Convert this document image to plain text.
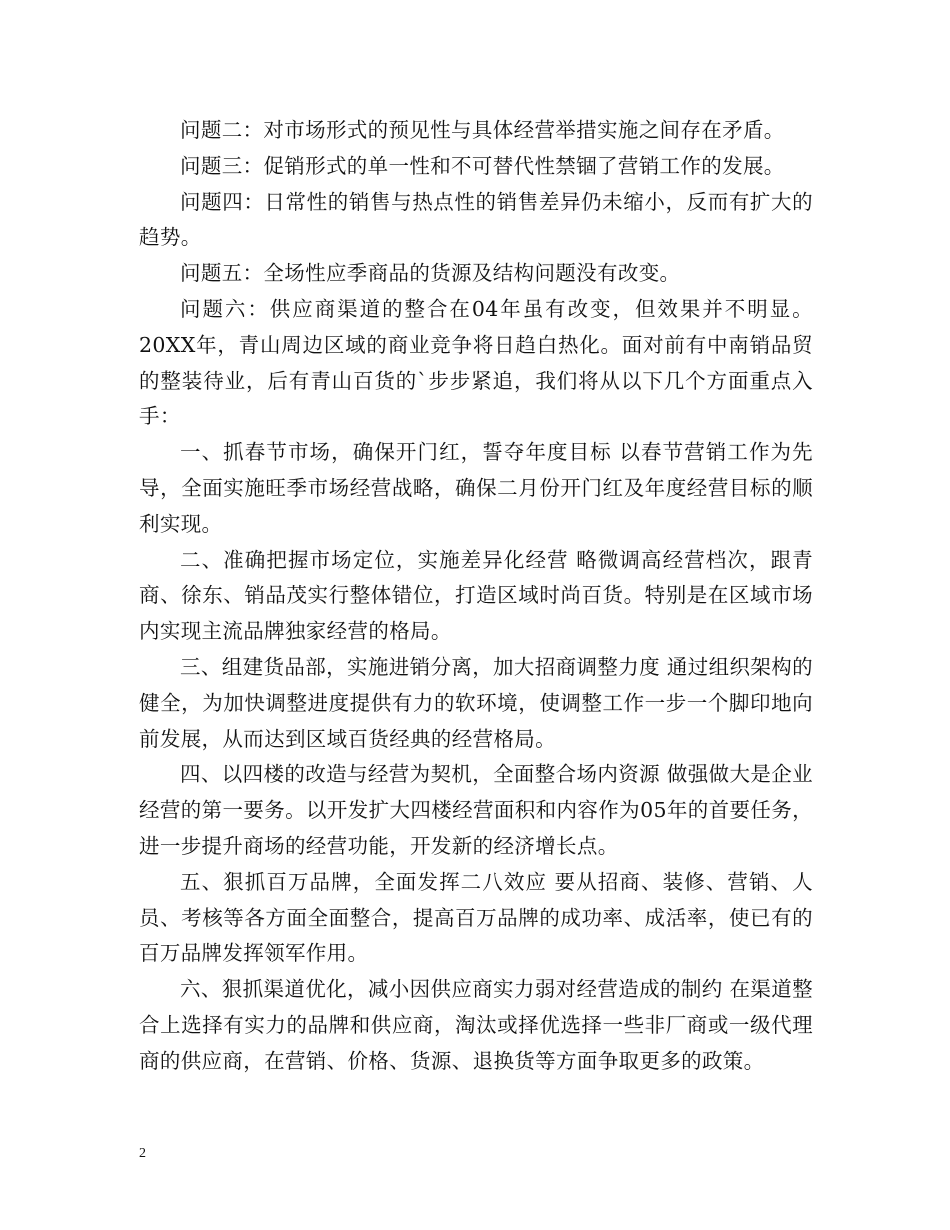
问题二：对市场形式的预见性与具体经营举措实施之间存在矛盾。

问题三：促销形式的单一性和不可替代性禁锢了营销工作的发展。

问题四：日常性的销售与热点性的销售差异仍未缩小，反而有扩大的趋势。

问题五：全场性应季商品的货源及结构问题没有改变。

问题六：供应商渠道的整合在04年虽有改变，但效果并不明显。20XX年，青山周边区域的商业竞争将日趋白热化。面对前有中南销品贸的整装待业，后有青山百货的`步步紧追，我们将从以下几个方面重点入手：

一、抓春节市场，确保开门红，誓夺年度目标 以春节营销工作为先导，全面实施旺季市场经营战略，确保二月份开门红及年度经营目标的顺利实现。

二、准确把握市场定位，实施差异化经营 略微调高经营档次，跟青商、徐东、销品茂实行整体错位，打造区域时尚百货。特别是在区域市场内实现主流品牌独家经营的格局。

三、组建货品部，实施进销分离，加大招商调整力度 通过组织架构的健全，为加快调整进度提供有力的软环境，使调整工作一步一个脚印地向前发展，从而达到区域百货经典的经营格局。

四、以四楼的改造与经营为契机，全面整合场内资源 做强做大是企业经营的第一要务。以开发扩大四楼经营面积和内容作为05年的首要任务，进一步提升商场的经营功能，开发新的经济增长点。

五、狠抓百万品牌，全面发挥二八效应 要从招商、装修、营销、人员、考核等各方面全面整合，提高百万品牌的成功率、成活率，使已有的百万品牌发挥领军作用。

六、狠抓渠道优化，减小因供应商实力弱对经营造成的制约 在渠道整合上选择有实力的品牌和供应商，淘汰或择优选择一些非厂商或一级代理商的供应商，在营销、价格、货源、退换货等方面争取更多的政策。

2
